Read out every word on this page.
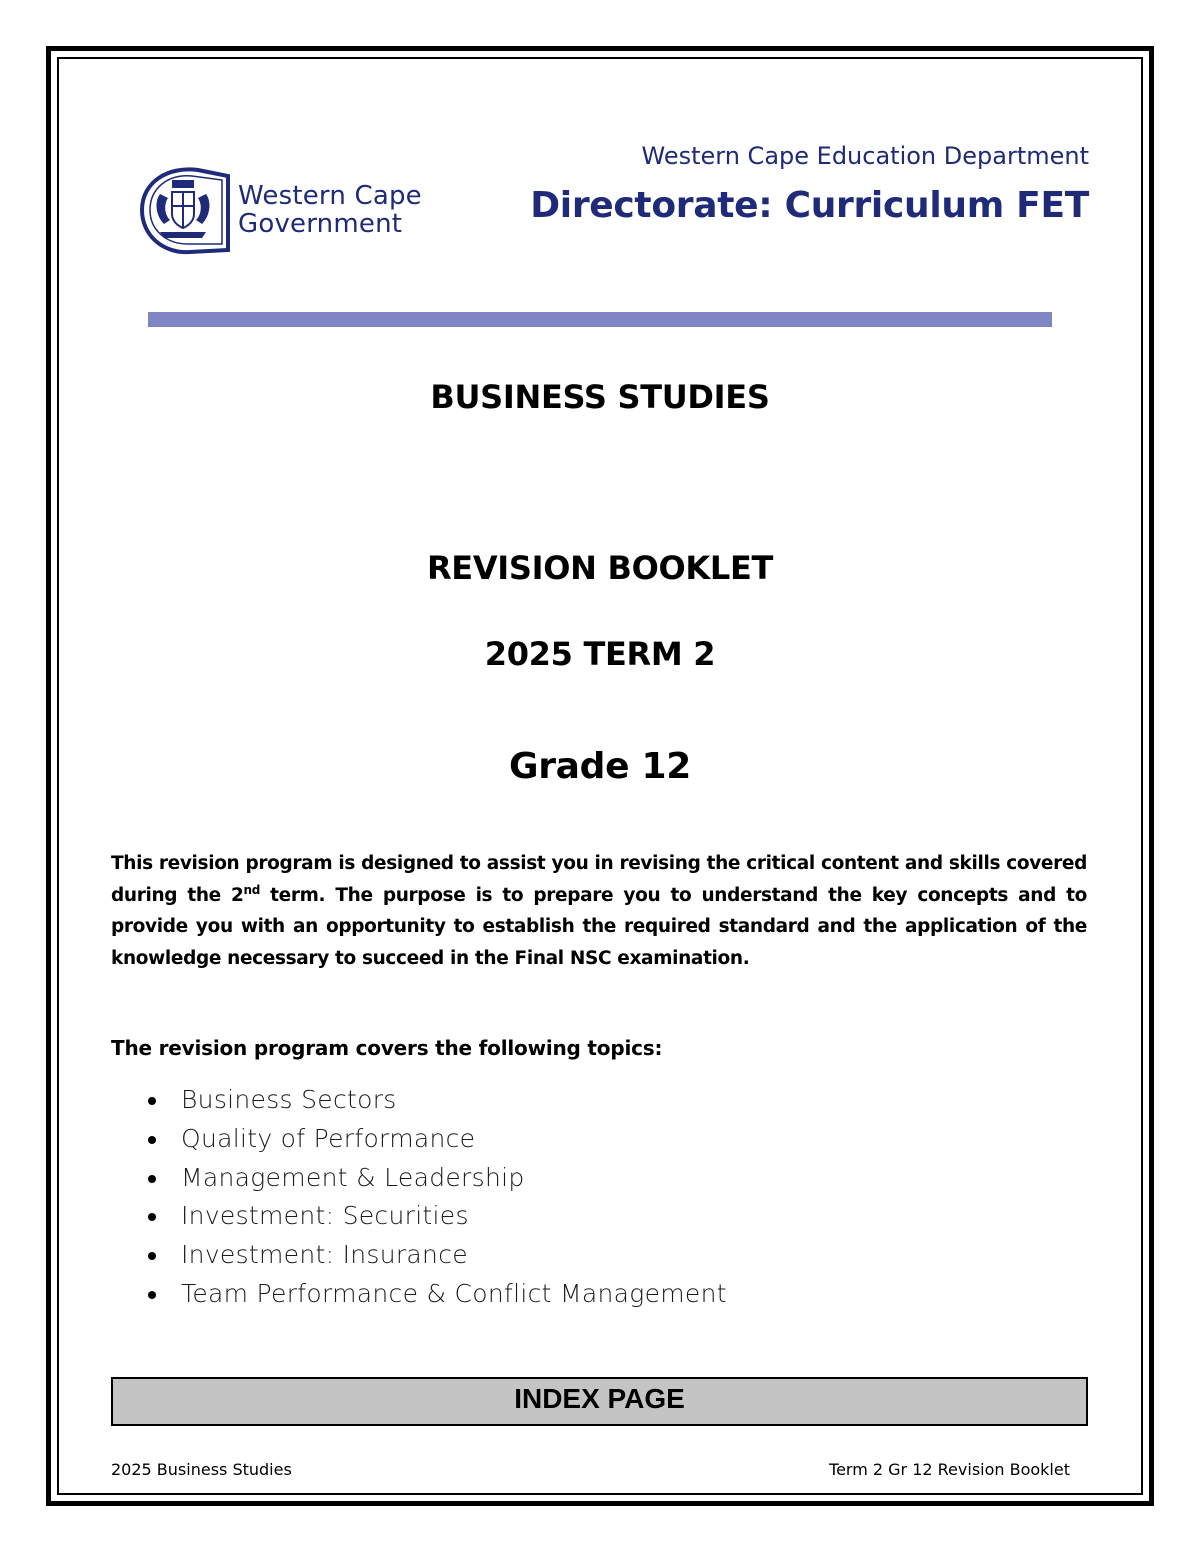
Western Cape
Government
Western Cape Education Department
Directorate: Curriculum FET
BUSINESS STUDIES
REVISION BOOKLET
2025 TERM 2
Grade 12
This revision program is designed to assist you in revising the critical content and skills covered during the 2nd term. The purpose is to prepare you to understand the key concepts and to provide you with an opportunity to establish the required standard and the application of the knowledge necessary to succeed in the Final NSC examination.
The revision program covers the following topics:
Business Sectors
Quality of Performance
Management & Leadership
Investment: Securities
Investment: Insurance
Team Performance & Conflict Management
INDEX PAGE
2025 Business Studies	Term 2 Gr 12 Revision Booklet
